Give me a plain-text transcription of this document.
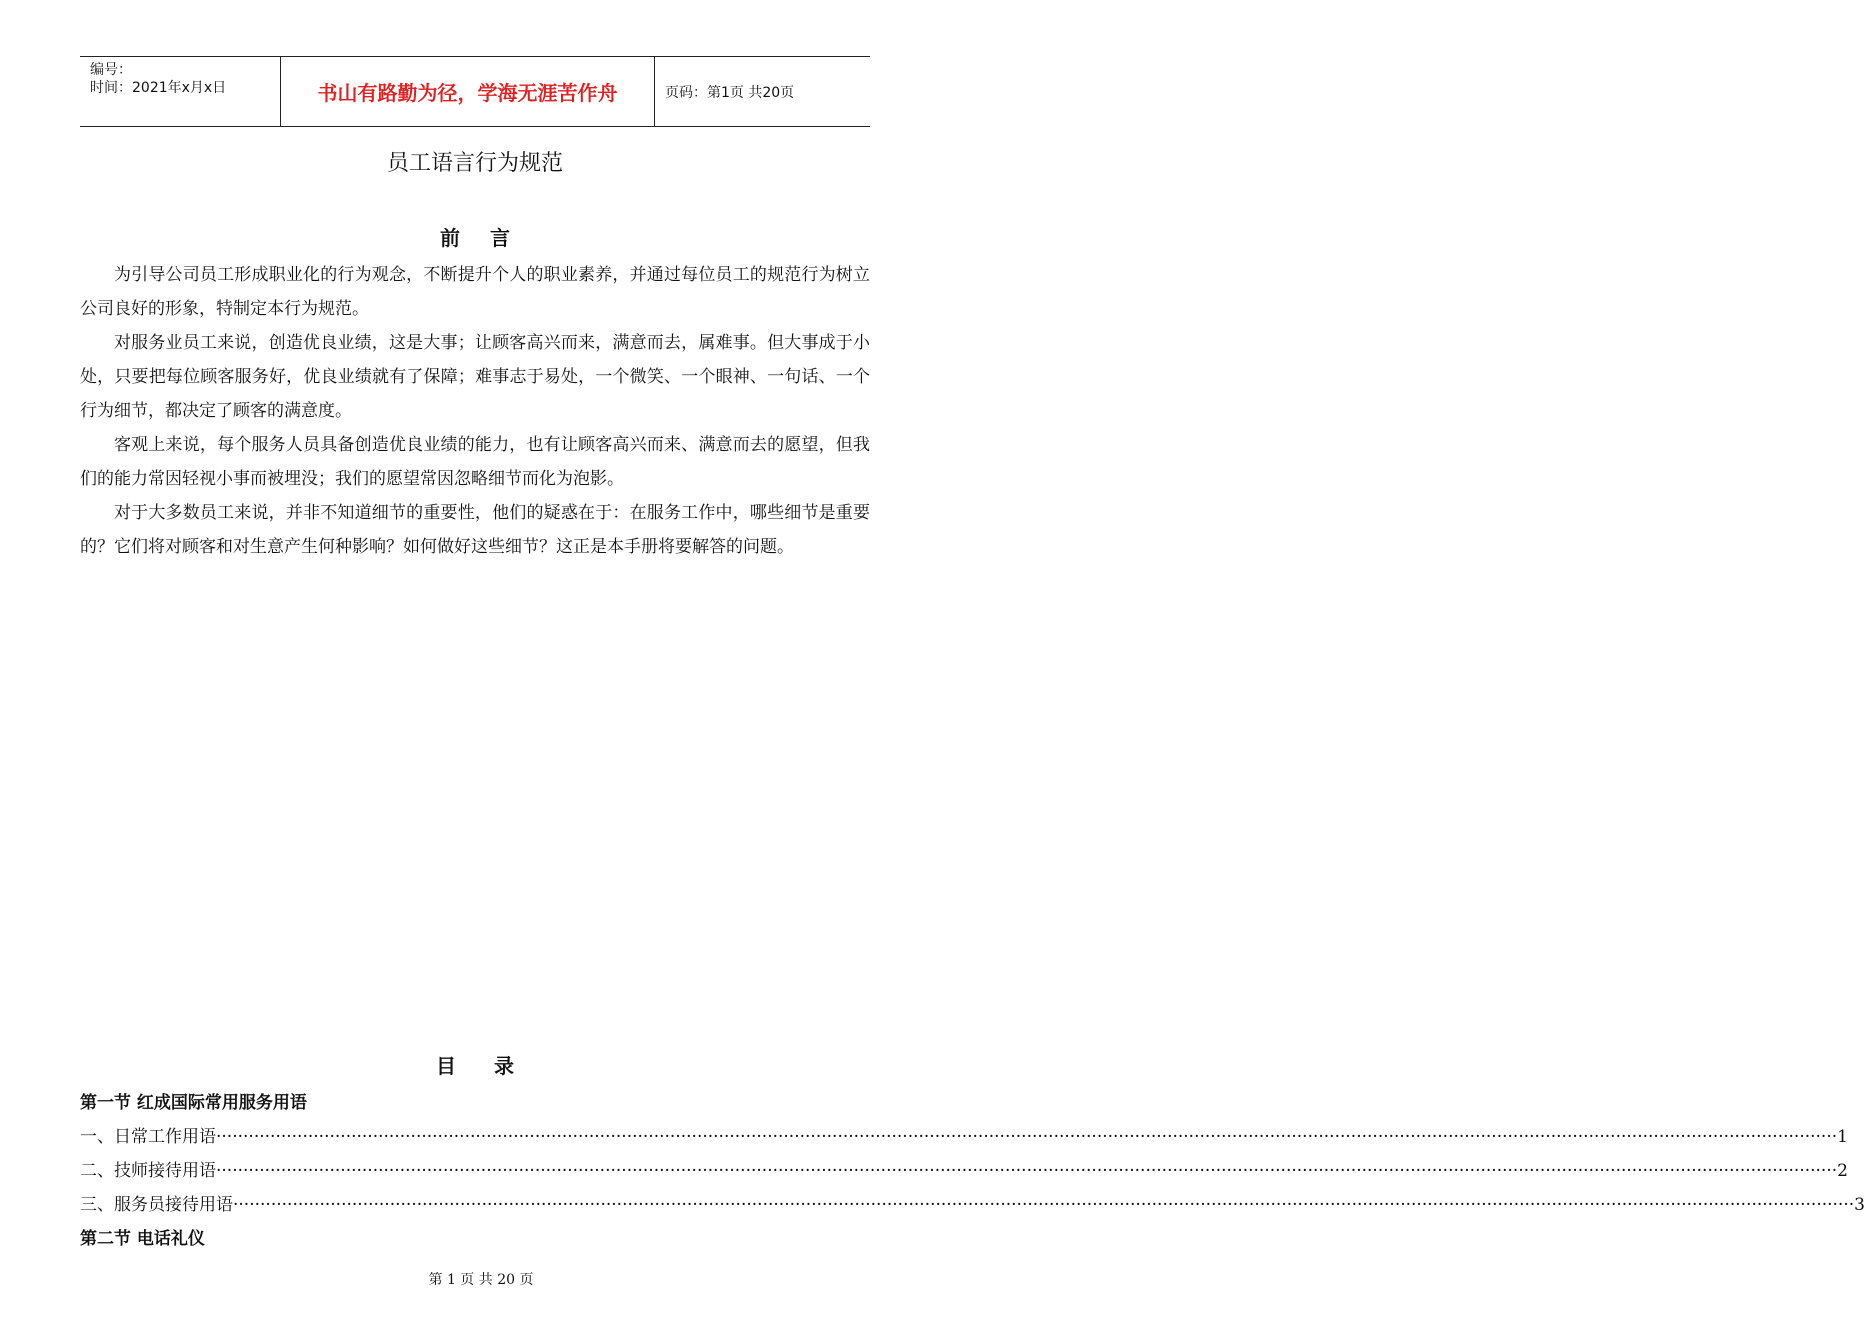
编号：
时间：2021年x月x日	书山有路勤为径，学海无涯苦作舟	页码：第1页 共20页
员工语言行为规范
前言

为引导公司员工形成职业化的行为观念，不断提升个人的职业素养，并通过每位员工的规范行为树立公司良好的形象，特制定本行为规范。

对服务业员工来说，创造优良业绩，这是大事；让顾客高兴而来，满意而去，属难事。但大事成于小处，只要把每位顾客服务好，优良业绩就有了保障；难事志于易处，一个微笑、一个眼神、一句话、一个行为细节，都决定了顾客的满意度。

客观上来说，每个服务人员具备创造优良业绩的能力，也有让顾客高兴而来、满意而去的愿望，但我们的能力常因轻视小事而被埋没；我们的愿望常因忽略细节而化为泡影。

对于大多数员工来说，并非不知道细节的重要性，他们的疑惑在于：在服务工作中，哪些细节是重要的？它们将对顾客和对生意产生何种影响？如何做好这些细节？这正是本手册将要解答的问题。

目录
第一节 红成国际常用服务用语
一、日常工作用语 ············································································································································································································································································································ 1
二、技师接待用语 ············································································································································································································································································································ 2
三、服务员接待用语 ············································································································································································································································································································ 3
第二节 电话礼仪
第 1 页 共 20 页
